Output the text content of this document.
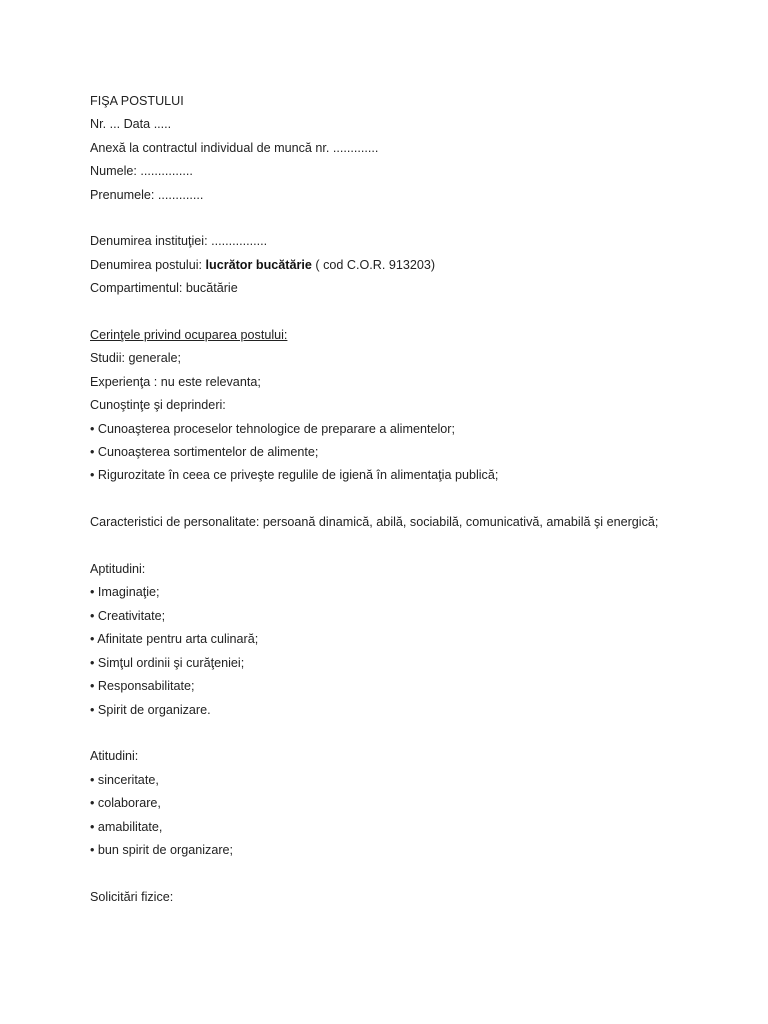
FIŞA POSTULUI
Nr. ... Data .....
Anexă la contractul individual de muncă nr. .............
Numele: ...............
Prenumele: .............
Denumirea instituţiei: ................
Denumirea postului: lucrător bucătărie ( cod C.O.R. 913203)
Compartimentul: bucătărie
Cerinţele privind ocuparea postului:
Studii: generale;
Experienţa : nu este relevanta;
Cunoştinţe şi deprinderi:
• Cunoaşterea proceselor tehnologice de preparare a alimentelor;
• Cunoaşterea sortimentelor de alimente;
• Rigurozitate în ceea ce priveşte regulile de igienă în alimentaţia publică;
Caracteristici de personalitate: persoană dinamică, abilă, sociabilă, comunicativă, amabilă şi energică;
Aptitudini:
• Imaginaţie;
• Creativitate;
• Afinitate pentru arta culinară;
• Simţul ordinii şi curăţeniei;
• Responsabilitate;
• Spirit de organizare.
Atitudini:
• sinceritate,
• colaborare,
• amabilitate,
• bun spirit de organizare;
Solicitări fizice:
